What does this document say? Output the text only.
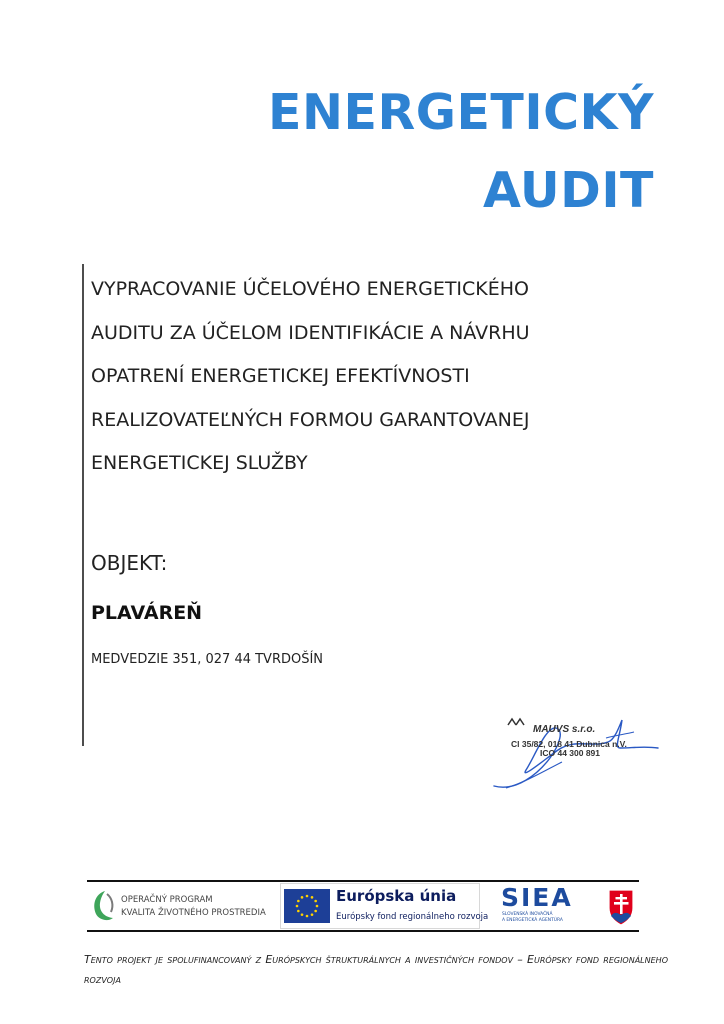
ENERGETICKÝ
AUDIT
VYPRACOVANIE ÚČELOVÉHO ENERGETICKÉHO
AUDITU ZA ÚČELOM IDENTIFIKÁCIE A NÁVRHU
OPATRENÍ ENERGETICKEJ EFEKTÍVNOSTI
REALIZOVATEĽNÝCH FORMOU GARANTOVANEJ
ENERGETICKEJ SLUŽBY
OBJEKT:
PLAVÁREŇ
MEDVEDZIE 351, 027 44 TVRDOŠÍN
MAUVS s.r.o.
Cl 35/82, 018 41 Dubnica n.V.
ICO 44 300 891
OPERAČNÝ PROGRAM
KVALITA ŽIVOTNÉHO PROSTREDIA
Európska únia
Európsky fond regionálneho rozvoja
SIEA
SLOVENSKÁ INOVAČNÁ
A ENERGETICKÁ AGENTÚRA
Tento projekt je spolufinancovaný z Európskych štrukturálnych a investičných fondov – Európsky fond regionálneho rozvoja
